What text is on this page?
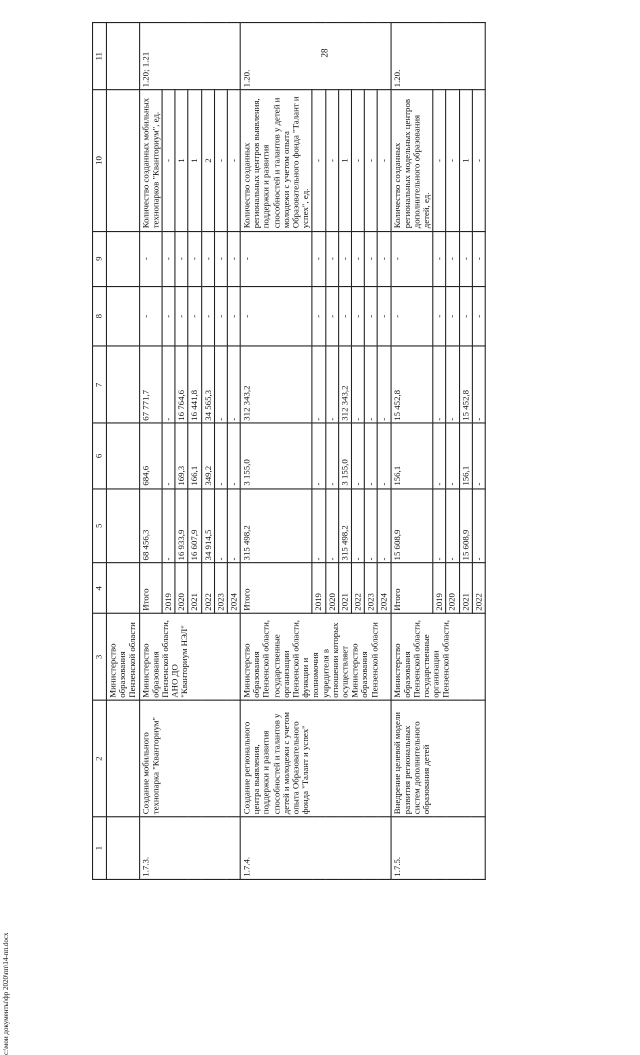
28
1	2	3	4	5	6	7	8	9	10	11
		Министерство образования Пензенской области								
1.7.3.	Создание мобильного технопарка "Кванториум"	Министерство образования Пензенской области, АНО ДО "Кванториум НЭЛ"	Итого	68 456,3	684,6	67 771,7	-	-	Количество созданных мобильных технопарков "Кванториум", ед.	1.20; 1.21
			2019	-	-	-	-	-	-	
			2020	16 933,9	169,3	16 764,6	-	-	1	
			2021	16 607,9	166,1	16 441,8	-	-	1	
			2022	34 914,5	349,2	34 565,3	-	-	2	
			2023	-	-	-	-	-	-	
			2024	-	-	-	-	-	-	
1.7.4.	Создание регионального центра выявления, поддержки и развития способностей и талантов у детей и молодежи с учетом опыта Образовательного фонда "Талант и успех"	Министерство образования Пензенской области, государственные организации Пензенской области, функции и полномочия учредителя в отношении которых осуществляет Министерство образования Пензенской области	Итого	315 498,2	3 155,0	312 343,2	-	-	Количество созданных региональных центров выявления, поддержки и развития способностей и талантов у детей и молодежи с учетом опыта Образовательного фонда "Талант и успех", ед.	1.20.
			2019	-	-	-	-	-	-	
			2020	-	-	-	-	-	-	
			2021	315 498,2	3 155,0	312 343,2	-	-	1	
			2022	-	-	-	-	-	-	
			2023	-	-	-	-	-	-	
			2024	-	-	-	-	-	-	
1.7.5.	Внедрение целевой модели развития региональных систем дополнительного образования детей	Министерство образования Пензенской области, государственные организации Пензенской области,	Итого	15 608,9	156,1	15 452,8	-	-	Количество созданных региональных модельных центров дополнительного образования детей, ед.	1.20.
			2019	-	-	-	-	-	-	
			2020	-	-	-	-	-	-	
			2021	15 608,9	156,1	15 452,8	-	-	1	
			2022	-	-	-	-	-	-	
c:\мои документы\фр 2020\пп\14-пп.docx
